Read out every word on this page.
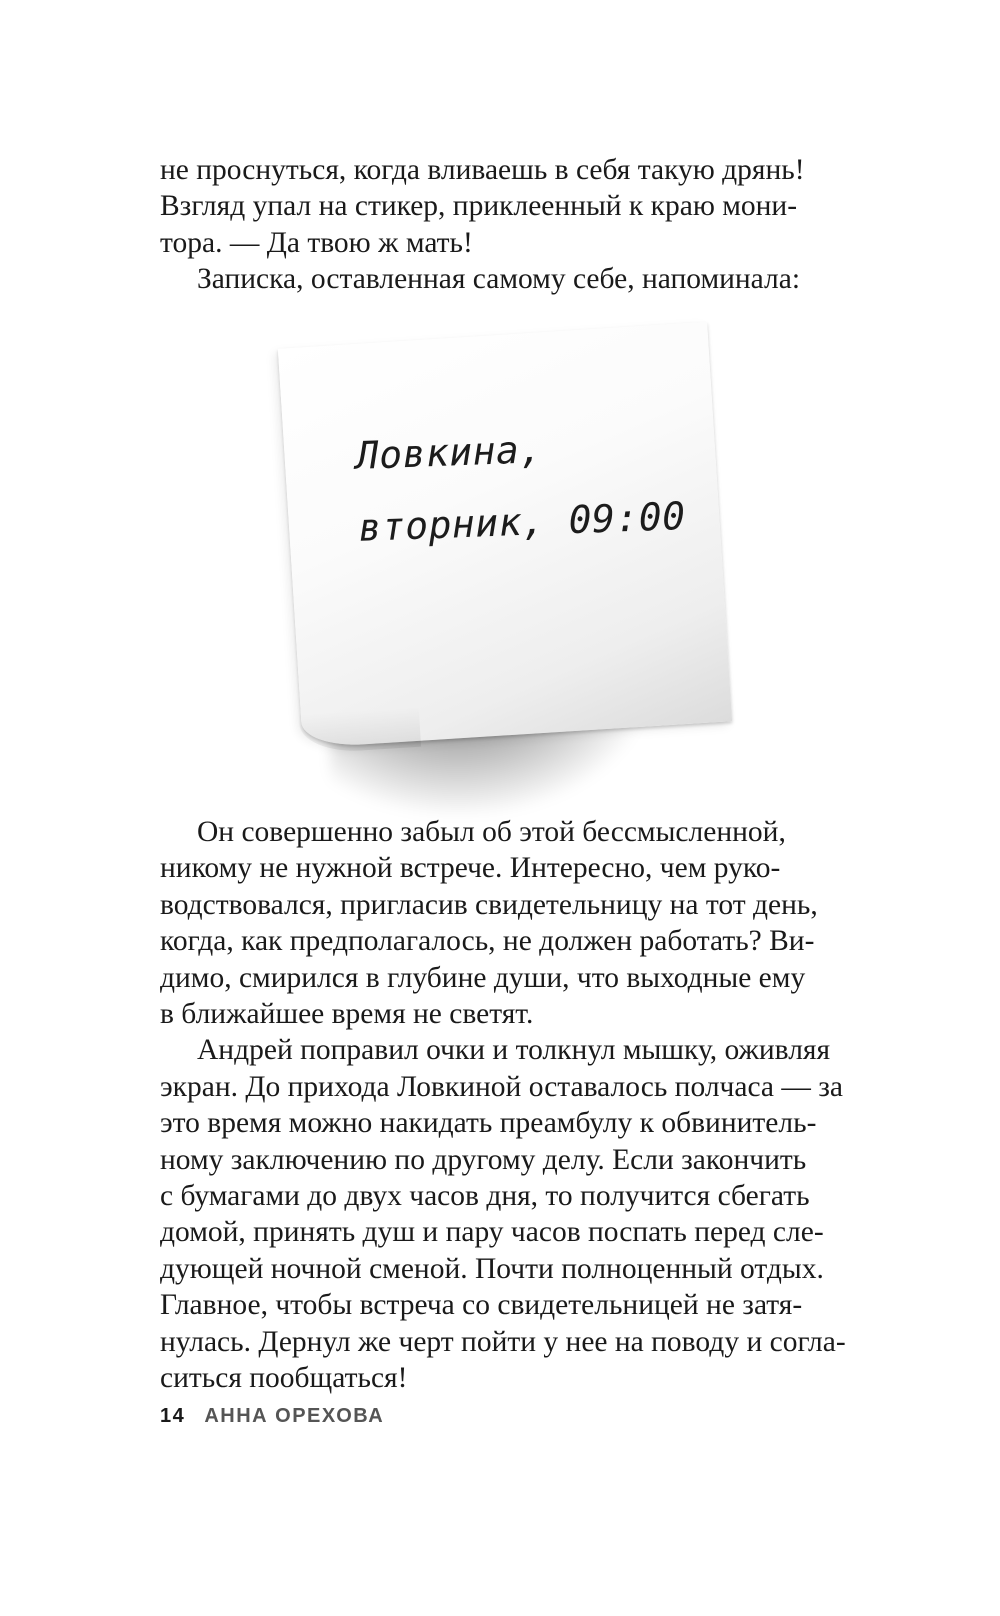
не проснуться, когда вливаешь в себя такую дрянь!

Взгляд упал на стикер, приклеенный к краю мони-

тора. — Да твою ж мать!

Записка, оставленная самому себе, напоминала:

Ловкина,
вторник, 09:00

Он совершенно забыл об этой бессмысленной,

никому не нужной встрече. Интересно, чем руко-

водствовался, пригласив свидетельницу на тот день,

когда, как предполагалось, не должен работать? Ви-

димо, смирился в глубине души, что выходные ему

в ближайшее время не светят.

Андрей поправил очки и толкнул мышку, оживляя

экран. До прихода Ловкиной оставалось полчаса — за

это время можно накидать преамбулу к обвинитель-

ному заключению по другому делу. Если закончить

с бумагами до двух часов дня, то получится сбегать

домой, принять душ и пару часов поспать перед сле-

дующей ночной сменой. Почти полноценный отдых.

Главное, чтобы встреча со свидетельницей не затя-

нулась. Дернул же черт пойти у нее на поводу и согла-

ситься пообщаться!

14 АННА ОРЕХОВА
